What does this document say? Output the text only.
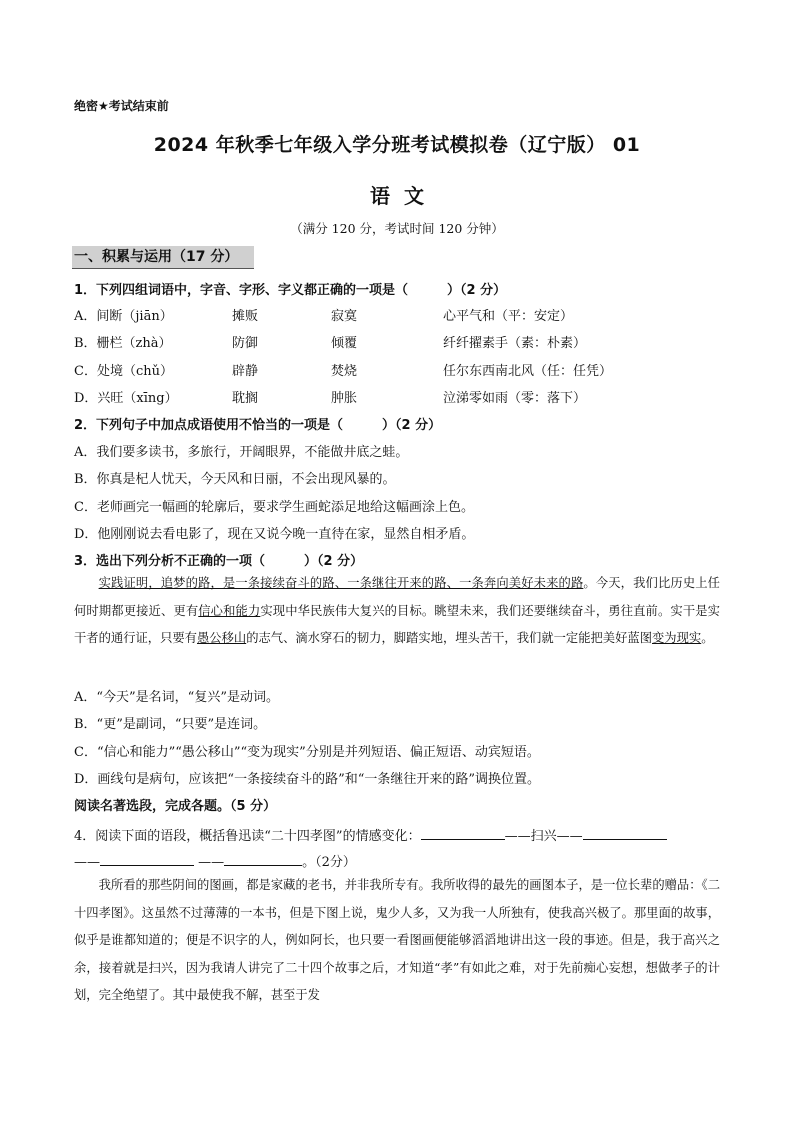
绝密★考试结束前
2024 年秋季七年级入学分班考试模拟卷（辽宁版） 01
语文
（满分 120 分，考试时间 120 分钟）
一、积累与运用（17 分）
1．下列四组词语中，字音、字形、字义都正确的一项是（　　　）（2 分）
A．间断（jiān）	摊贩	寂寞	心平气和（平：安定）
B．栅栏（zhà）	防御	倾覆	纤纤擢素手（素：朴素）
C．处境（chǔ）	辟静	焚烧	任尔东西南北风（任：任凭）
D．兴旺（xīng）	耽搁	肿胀	泣涕零如雨（零：落下）
2．下列句子中加点成语使用不恰当的一项是（　　　）（2 分）
A．我们要多读书，多旅行，开阔眼界，不能做井底之蛙。
B．你真是杞人忧天，今天风和日丽，不会出现风暴的。
C．老师画完一幅画的轮廓后，要求学生画蛇添足地给这幅画涂上色。
D．他刚刚说去看电影了，现在又说今晚一直待在家，显然自相矛盾。
3．选出下列分析不正确的一项（　　　）（2 分）
实践证明，追梦的路，是一条接续奋斗的路、一条继往开来的路、一条奔向美好未来的路。今天，我们比历史上任何时期都更接近、更有信心和能力实现中华民族伟大复兴的目标。眺望未来，我们还要继续奋斗，勇往直前。实干是实干者的通行证，只要有愚公移山的志气、滴水穿石的韧力，脚踏实地，埋头苦干，我们就一定能把美好蓝图变为现实。
A．“今天”是名词，“复兴”是动词。
B．“更”是副词，“只要”是连词。
C．“信心和能力”“愚公移山”“变为现实”分别是并列短语、偏正短语、动宾短语。
D．画线句是病句，应该把“一条接续奋斗的路”和“一条继往开来的路”调换位置。
阅读名著选段，完成各题。（5 分）
4．阅读下面的语段，概括鲁迅读“二十四孝图”的情感变化：	——扫兴——
——	——	。（2分）
我所看的那些阴间的图画，都是家藏的老书，并非我所专有。我所收得的最先的画图本子，是一位长辈的赠品：《二十四孝图》。这虽然不过薄薄的一本书，但是下图上说，鬼少人多，又为我一人所独有，使我高兴极了。那里面的故事，似乎是谁都知道的；便是不识字的人，例如阿长，也只要一看图画便能够滔滔地讲出这一段的事迹。但是，我于高兴之余，接着就是扫兴，因为我请人讲完了二十四个故事之后，才知道“孝”有如此之难，对于先前痴心妄想，想做孝子的计划，完全绝望了。其中最使我不解，甚至于发
